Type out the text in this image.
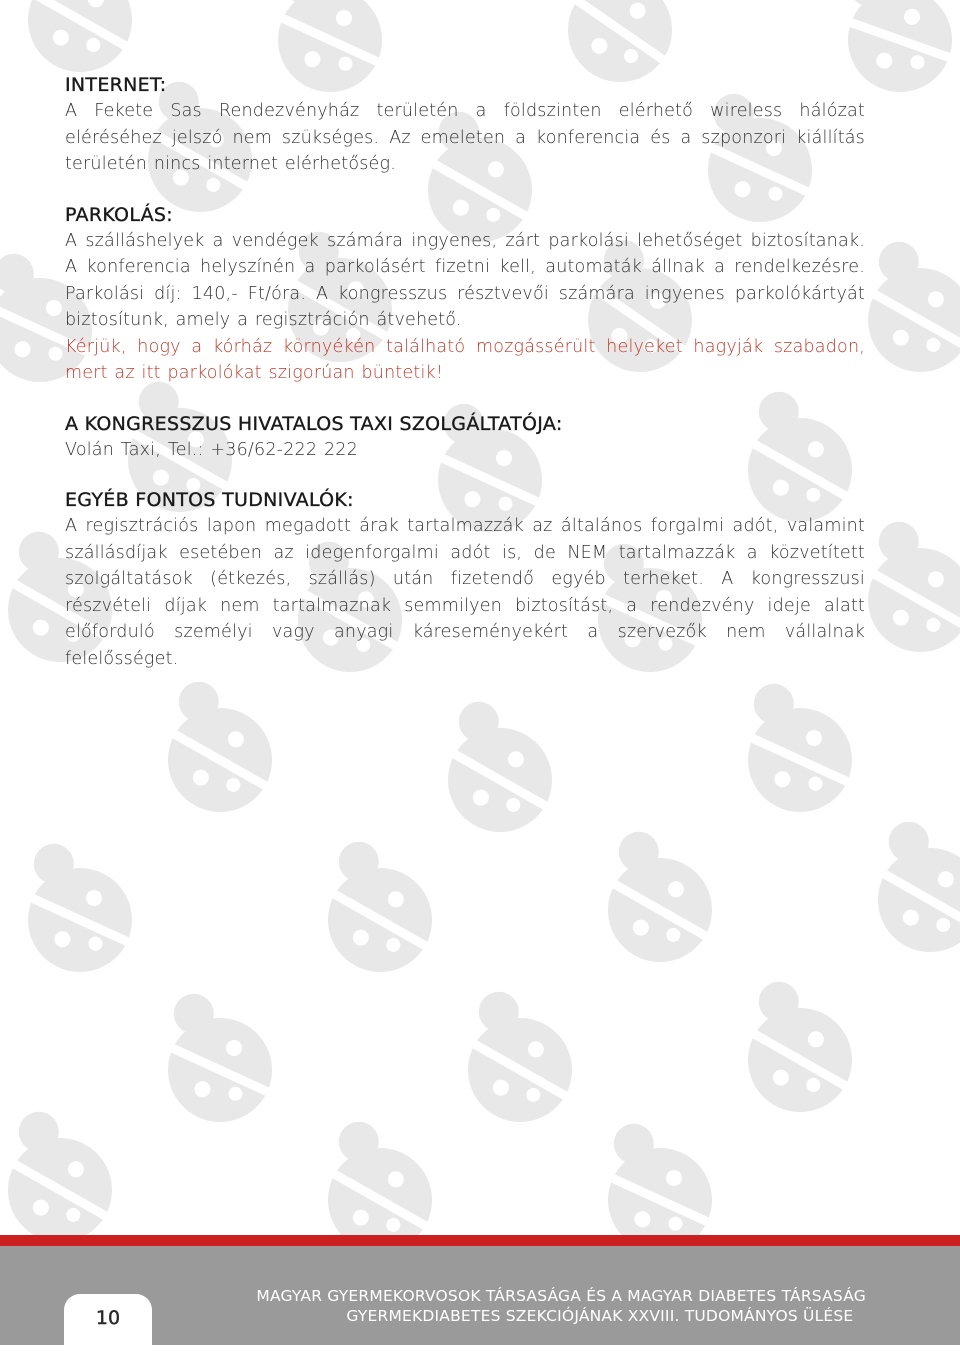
INTERNET:

A Fekete Sas Rendezvényház területén a földszinten elérhető wireless hálózat eléréséhez jelszó nem szükséges. Az emeleten a konferencia és a szponzori kiállítás területén nincs internet elérhetőség.

PARKOLÁS:

A szálláshelyek a vendégek számára ingyenes, zárt parkolási lehetőséget biztosítanak. A konferencia helyszínén a parkolásért fizetni kell, automaták állnak a rendelkezésre. Parkolási díj: 140,- Ft/óra. A kongresszus résztvevői számára ingyenes parkolókártyát biztosítunk, amely a regisztráción átvehető.

Kérjük, hogy a kórház környékén található mozgássérült helyeket hagyják szabadon, mert az itt parkolókat szigorúan büntetik!

A KONGRESSZUS HIVATALOS TAXI SZOLGÁLTATÓJA:

Volán Taxi, Tel.: +36/62-222 222

EGYÉB FONTOS TUDNIVALÓK:

A regisztrációs lapon megadott árak tartalmazzák az általános forgalmi adót, valamint szállásdíjak esetében az idegenforgalmi adót is, de NEM tartalmazzák a közvetített szolgáltatások (étkezés, szállás) után fizetendő egyéb terheket. A kongresszusi részvételi díjak nem tartalmaznak semmilyen biztosítást, a rendezvény ideje alatt előforduló személyi vagy anyagi káreseményekért a szervezők nem vállalnak felelősséget.

10
MAGYAR GYERMEKORVOSOK TÁRSASÁGA ÉS A MAGYAR DIABETES TÁRSASÁG
GYERMEKDIABETES SZEKCIÓJÁNAK XXVIII. TUDOMÁNYOS ÜLÉSE
